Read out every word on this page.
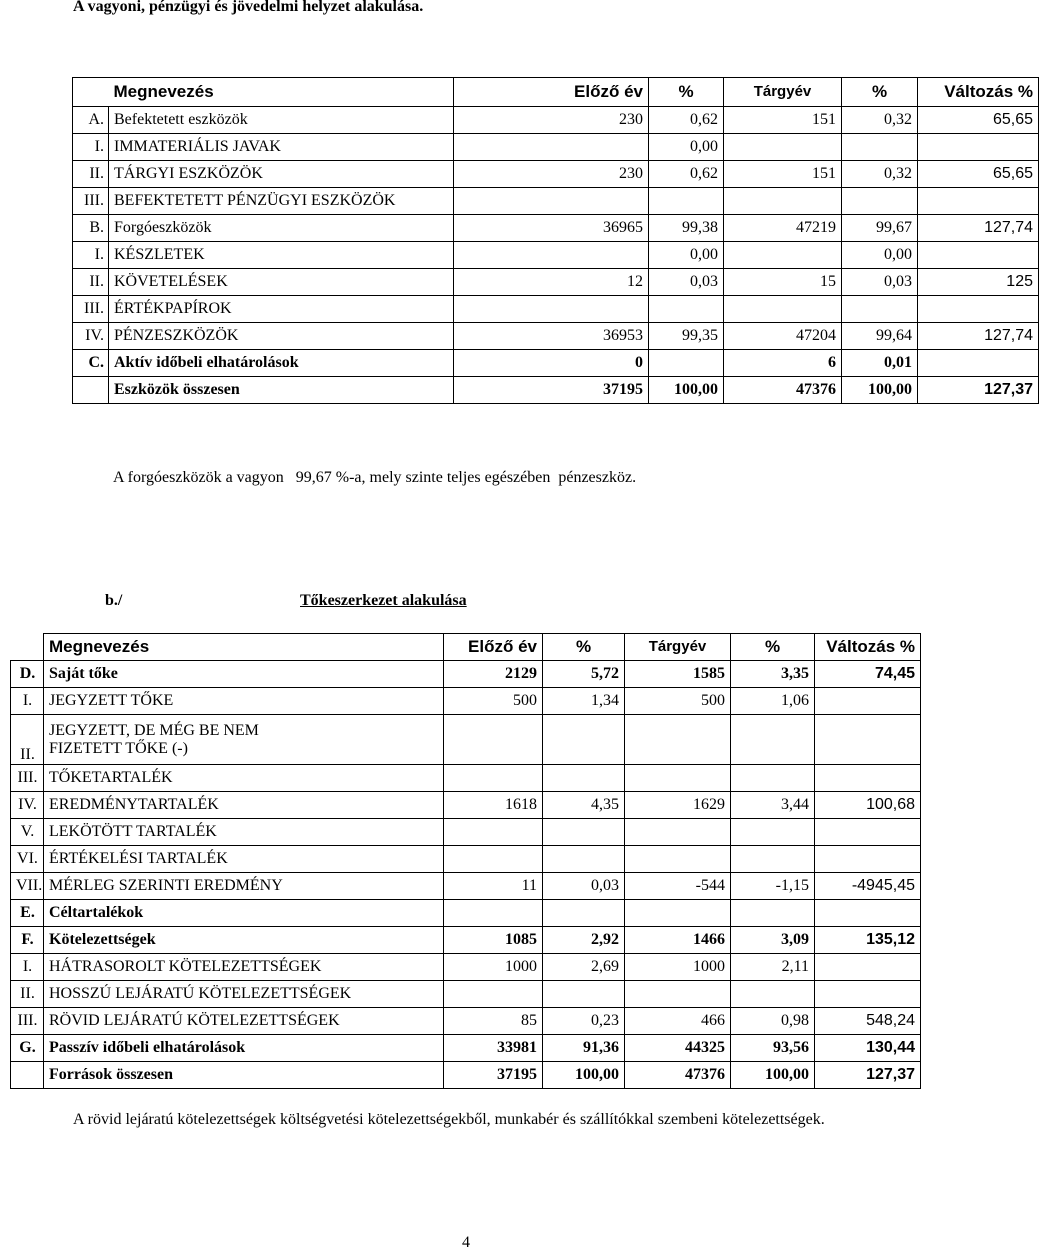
A vagyoni, pénzügyi és jövedelmi helyzet alakulása.
	Megnevezés	Előző év	%	Tárgyév	%	Változás %
A.	Befektetett eszközök	230	0,62	151	0,32	65,65
I.	IMMATERIÁLIS JAVAK		0,00			
II.	TÁRGYI ESZKÖZÖK	230	0,62	151	0,32	65,65
III.	BEFEKTETETT PÉNZÜGYI ESZKÖZÖK					
B.	Forgóeszközök	36965	99,38	47219	99,67	127,74
I.	KÉSZLETEK		0,00		0,00	
II.	KÖVETELÉSEK	12	0,03	15	0,03	125
III.	ÉRTÉKPAPÍROK					
IV.	PÉNZESZKÖZÖK	36953	99,35	47204	99,64	127,74
C.	Aktív időbeli elhatárolások	0		6	0,01	
	Eszközök összesen	37195	100,00	47376	100,00	127,37
A forgóeszközök a vagyon   99,67 %-a, mely szinte teljes egészében  pénzeszköz.
b./	Tőkeszerkezet alakulása
	Megnevezés	Előző év	%	Tárgyév	%	Változás %
D.	Saját tőke	2129	5,72	1585	3,35	74,45
I.	JEGYZETT TŐKE	500	1,34	500	1,06	
II.	JEGYZETT, DE MÉG BE NEM FIZETETT TŐKE (-)					
III.	TŐKETARTALÉK					
IV.	EREDMÉNYTARTALÉK	1618	4,35	1629	3,44	100,68
V.	LEKÖTÖTT TARTALÉK					
VI.	ÉRTÉKELÉSI TARTALÉK					
VII.	MÉRLEG SZERINTI EREDMÉNY	11	0,03	-544	-1,15	-4945,45
E.	Céltartalékok					
F.	Kötelezettségek	1085	2,92	1466	3,09	135,12
I.	HÁTRASOROLT KÖTELEZETTSÉGEK	1000	2,69	1000	2,11	
II.	HOSSZÚ LEJÁRATÚ KÖTELEZETTSÉGEK					
III.	RÖVID LEJÁRATÚ KÖTELEZETTSÉGEK	85	0,23	466	0,98	548,24
G.	Passzív időbeli elhatárolások	33981	91,36	44325	93,56	130,44
	Források összesen	37195	100,00	47376	100,00	127,37
A rövid lejáratú kötelezettségek költségvetési kötelezettségekből, munkabér és szállítókkal szembeni kötelezettségek.
4
